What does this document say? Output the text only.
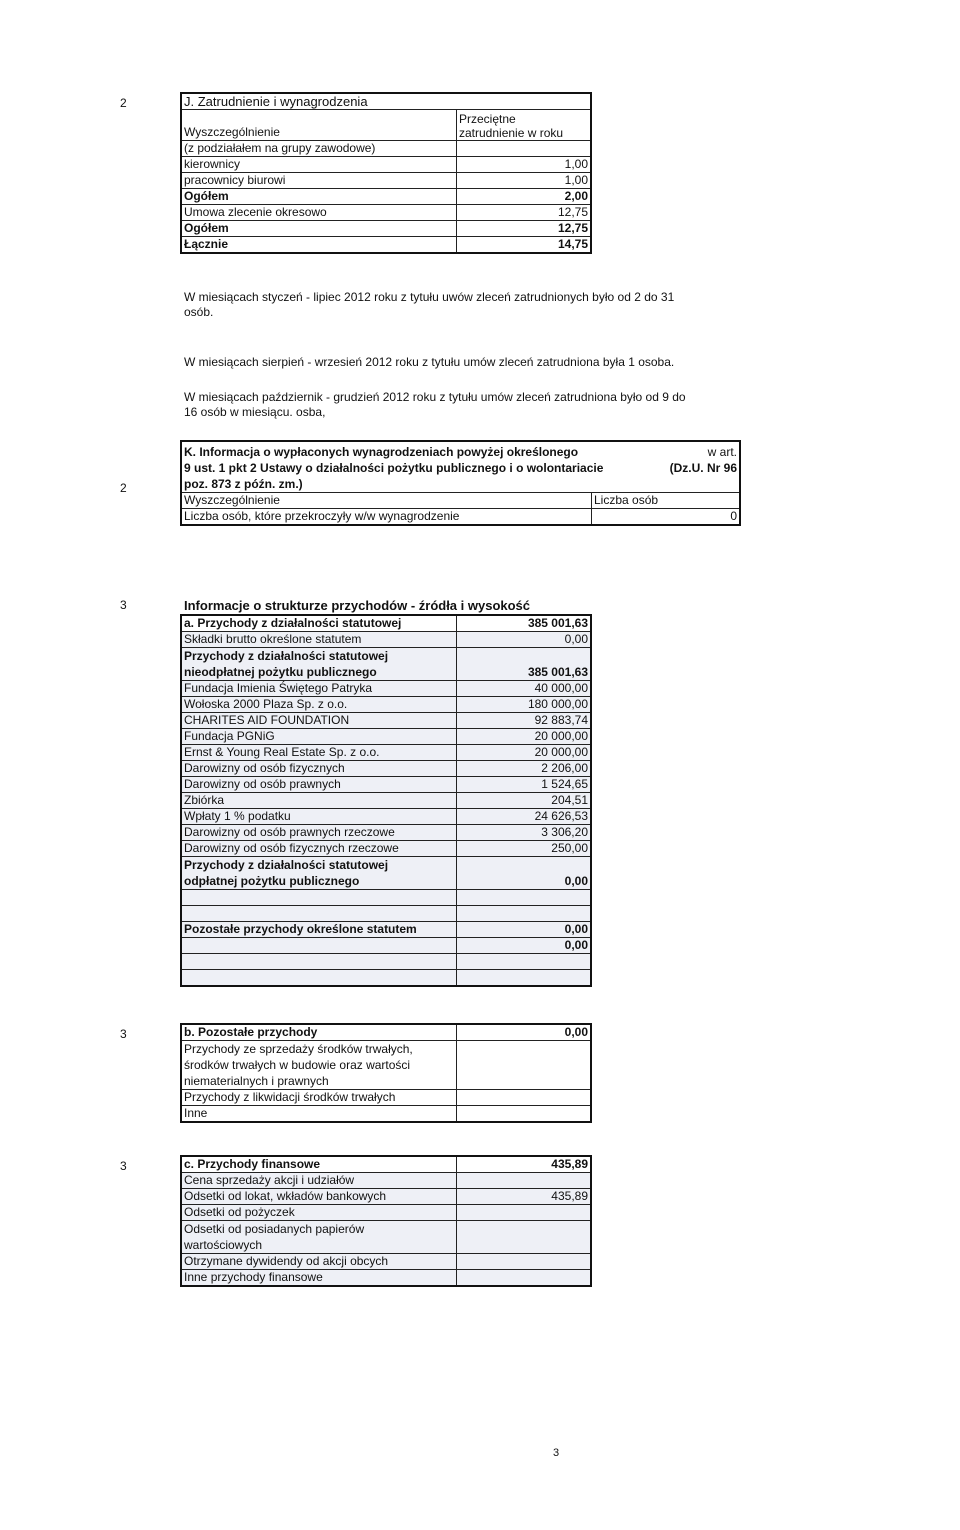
2	J. Zatrudnienie i wynagrodzenia	
Wyszczególnienie	Przeciętne
zatrudnienie w roku

(z podziałałem na grupy zawodowe)	

kierownicy	1,00

pracownicy biurowi	1,00

Ogółem	2,00

Umowa zlecenie okresowo	12,75

Ogółem	12,75

Łącznie	14,75
W miesiącach styczeń - lipiec 2012 roku z tytułu uwów zleceń zatrudnionych było od 2 do 31
osób.
W miesiącach sierpień - wrzesień 2012 roku z tytułu umów zleceń zatrudniona była 1 osoba.
W miesiącach październik - grudzień 2012 roku z tytułu umów zleceń zatrudniona było od 9 do
16 osób w miesiącu. osba,
2
K. Informacja o wypłaconych wynagrodzeniach powyżej określonego w art.
9 ust. 1 pkt 2 Ustawy o działalności pożytku publicznego i o wolontariacie (Dz.U. Nr 96
poz. 873 z późn. zm.)	

Wyszczególnienie	Liczba osób
Liczba osób, które przekroczyły w/w wynagrodzenie	0
3	Informacje o strukturze przychodów - źródła i wysokość
a. Przychody z działalności statutowej	385 001,63

Składki brutto określone statutem	0,00

Przychody z działalności statutowej
nieodpłatnej pożytku publicznego	385 001,63

Fundacja Imienia Świętego Patryka	40 000,00

Wołoska 2000 Plaza Sp. z o.o.	180 000,00

CHARITES AID FOUNDATION	92 883,74

Fundacja PGNiG	20 000,00

Ernst & Young Real Estate Sp. z o.o.	20 000,00

Darowizny od osób fizycznych	2 206,00

Darowizny od osób prawnych	1 524,65

Zbiórka	204,51

Wpłaty 1 % podatku	24 626,53

Darowizny od osób prawnych rzeczowe	3 306,20

Darowizny od osób fizycznych rzeczowe	250,00

Przychody z działalności statutowej
odpłatnej pożytku publicznego	0,00

Pozostałe przychody określone statutem	0,00

	0,00

3	b. Pozostałe przychody	0,00

Przychody ze sprzedaży środków trwałych,
środków trwałych w budowie oraz wartości
niematerialnych i prawnych	

Przychody z likwidacji środków trwałych	

Inne	

3	c. Przychody finansowe	435,89

Cena sprzedaży akcji i udziałów	

Odsetki od lokat, wkładów bankowych	435,89

Odsetki od pożyczek	

Odsetki od posiadanych papierów
wartościowych	

Otrzymane dywidendy od akcji obcych	

Inne przychody finansowe	

3
